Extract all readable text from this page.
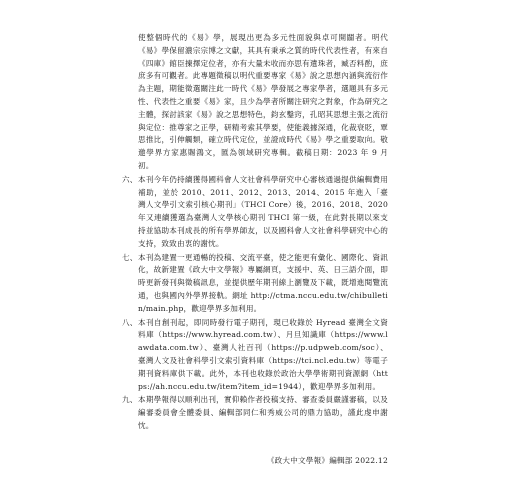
使整個時代的《易》學，展現出更為多元性面貌與卓可開闢者。明代《易》學保留濃宗宗博之文獻，其具有秉承之質的時代代表性者，有來自《四庫》館臣揀擇定位者，亦有大量未收而亦思有遺珠者，臧否料酌，庶庶多有可觀者。此專題徵稿以明代重要專家《易》說之思想內涵與流衍作為主題，期能徵選關注此一時代《易》學發展之專家學者，選題具有多元性、代表性之重要《易》家，且少為學者所關注研究之對象，作為研究之主體，探討該家《易》說之思想特色，鈞玄鑿窍，孔昭其思想主張之流衍與定位：推尊家之正學，研精考索其學要，使能義據深通，化裁衰貶，覃思推比，引伸觸類，確立時代定位，並證成時代《易》學之重要取向。敬邀學界方家惠賜鴻文，匯為領域研究專輯。截稿日期：2023 年 9 月初。

六、 本刊今年仍持續獲得國科會人文社會科學研究中心審核通過提供編輯費用補助，並於 2010、2011、2012、2013、2014、2015 年進入「臺灣人文學引文索引核心期刊」（THCI Core）後，2016、2018、2020 年又連續獲選為臺灣人文學核心期刊 THCI 第一級，在此對長期以來支持並協助本刊成長的所有學界師友，以及國科會人文社會科學研究中心的支持，致致由衷的謝忱。
七、 本刊為建置一更通暢的投稿、交流平臺，使之能更有彙化、國際化、資訊化，故新建置《政大中文學報》專屬網頁，支援中、英、日三語介面，即時更新發刊與徵稿訊息，並提供歷年期刊線上瀏覽及下載，既增進閱覽流通，也與國內外學界接軌。網址 http://ctma.nccu.edu.tw/chibulletin/main.php，歡迎學界多加利用。
八、 本刊自創刊起，即同時發行電子期刊，現已收錄於 Hyread 臺灣全文資料庫（https://www.hyread.com.tw）、月旦知識庫（https://www.lawdata.com.tw）、臺灣人社百刊（https://p.udpweb.com/soc）、臺灣人文及社會科學引文索引資料庫（https://tci.ncl.edu.tw）等電子期刊資料庫供下載。此外，本刊也收錄於政治大學學術期刊資源網（https://ah.nccu.edu.tw/item?item_id=1944），歡迎學界多加利用。
九、 本期學報得以順利出刊，實仰賴作者投稿支持、審查委員嚴謹審稿，以及編審委員會全體委員、編輯部同仁和秀威公司的鼎力協助，謹此虔申謝忱。
《政大中文學報》編輯部 2022.12
